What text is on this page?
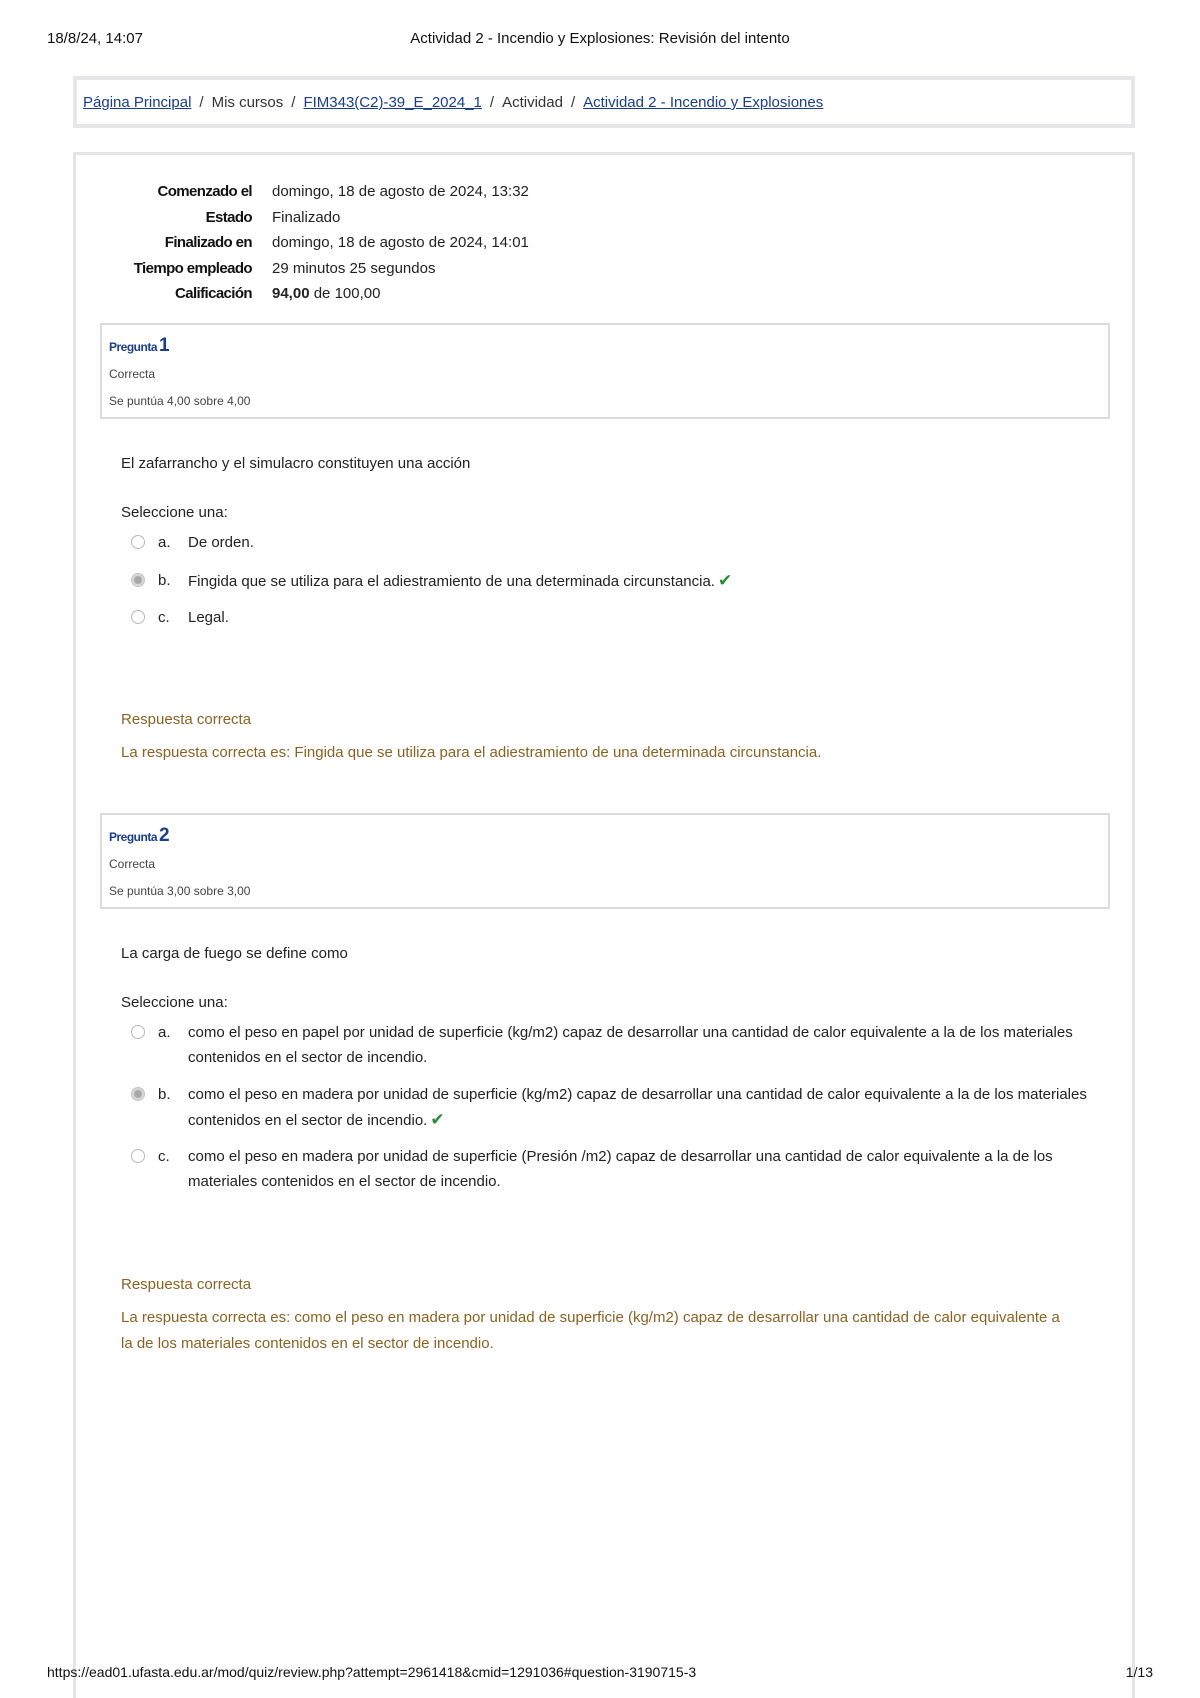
18/8/24, 14:07	Actividad 2 - Incendio y Explosiones: Revisión del intento
Página Principal / Mis cursos / FIM343(C2)-39_E_2024_1 / Actividad / Actividad 2 - Incendio y Explosiones
Comenzado el domingo, 18 de agosto de 2024, 13:32
Estado Finalizado
Finalizado en domingo, 18 de agosto de 2024, 14:01
Tiempo empleado 29 minutos 25 segundos
Calificación 94,00 de 100,00
Pregunta 1
Correcta
Se puntúa 4,00 sobre 4,00
El zafarrancho y el simulacro constituyen una acción
Seleccione una:
a. De orden.
b. Fingida que se utiliza para el adiestramiento de una determinada circunstancia. ✔
c. Legal.
Respuesta correcta
La respuesta correcta es: Fingida que se utiliza para el adiestramiento de una determinada circunstancia.
Pregunta 2
Correcta
Se puntúa 3,00 sobre 3,00
La carga de fuego se define como
Seleccione una:
a. como el peso en papel por unidad de superficie (kg/m2) capaz de desarrollar una cantidad de calor equivalente a la de los materiales contenidos en el sector de incendio.
b. como el peso en madera por unidad de superficie (kg/m2) capaz de desarrollar una cantidad de calor equivalente a la de los materiales contenidos en el sector de incendio. ✔
c. como el peso en madera por unidad de superficie (Presión /m2) capaz de desarrollar una cantidad de calor equivalente a la de los materiales contenidos en el sector de incendio.
Respuesta correcta
La respuesta correcta es: como el peso en madera por unidad de superficie (kg/m2) capaz de desarrollar una cantidad de calor equivalente a la de los materiales contenidos en el sector de incendio.
https://ead01.ufasta.edu.ar/mod/quiz/review.php?attempt=2961418&cmid=1291036#question-3190715-3	1/13
